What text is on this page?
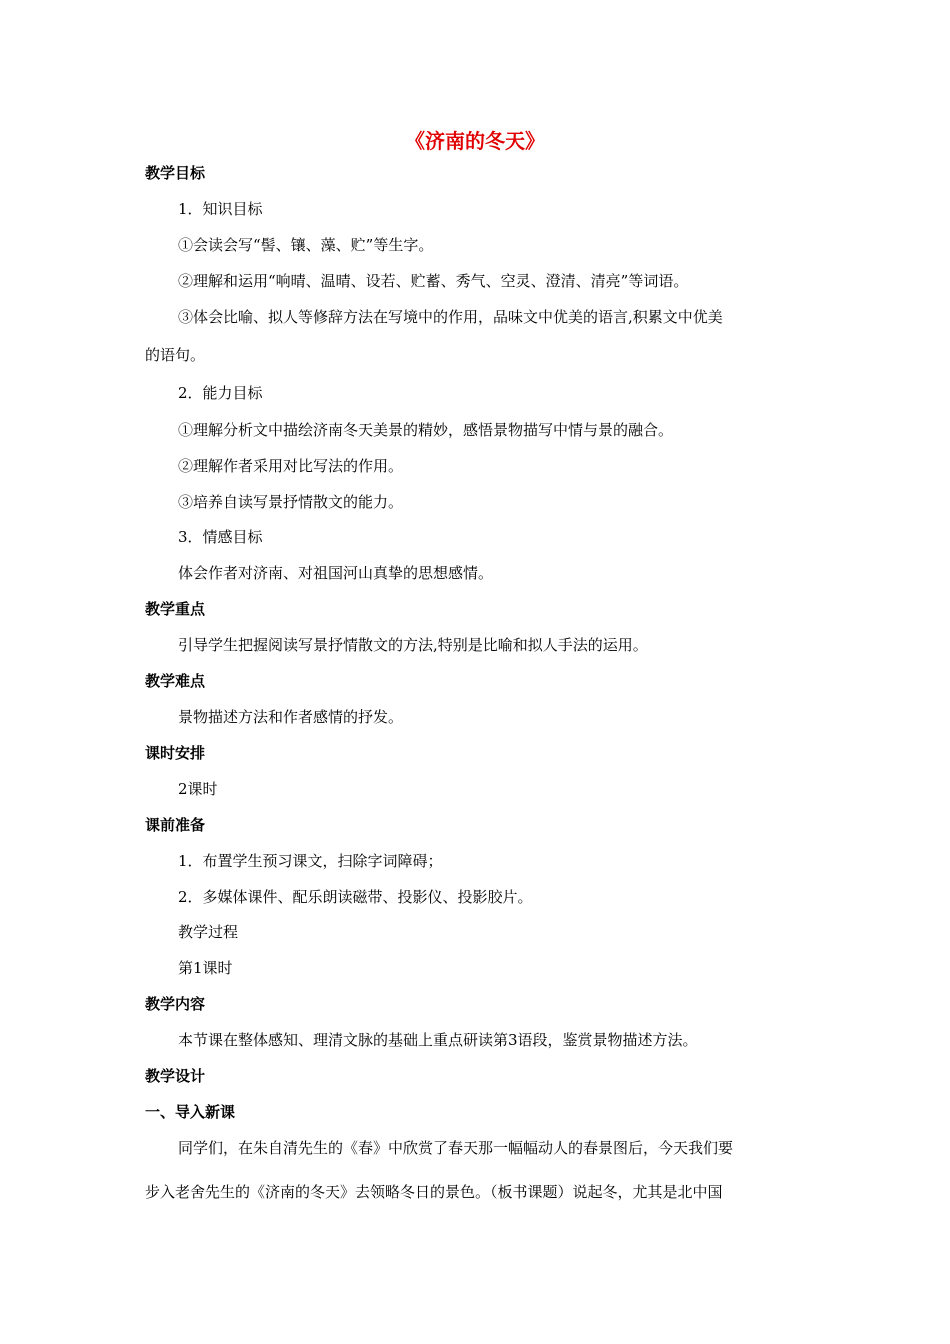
《济南的冬天》
教学目标
1．知识目标
①会读会写“髻、镶、藻、贮”等生字。
②理解和运用“响晴、温晴、设若、贮蓄、秀气、空灵、澄清、清亮”等词语。
③体会比喻、拟人等修辞方法在写境中的作用，品味文中优美的语言,积累文中优美
的语句。
2．能力目标
①理解分析文中描绘济南冬天美景的精妙，感悟景物描写中情与景的融合。
②理解作者采用对比写法的作用。
③培养自读写景抒情散文的能力。
3．情感目标
体会作者对济南、对祖国河山真挚的思想感情。
教学重点
引导学生把握阅读写景抒情散文的方法,特别是比喻和拟人手法的运用。
教学难点
景物描述方法和作者感情的抒发。
课时安排
2课时
课前准备
1．布置学生预习课文，扫除字词障碍；
2．多媒体课件、配乐朗读磁带、投影仪、投影胶片。
教学过程
第1课时
教学内容
本节课在整体感知、理清文脉的基础上重点研读第3语段，鉴赏景物描述方法。
教学设计
一、导入新课
同学们，在朱自清先生的《春》中欣赏了春天那一幅幅动人的春景图后，今天我们要
步入老舍先生的《济南的冬天》去领略冬日的景色。（板书课题）说起冬，尤其是北中国
